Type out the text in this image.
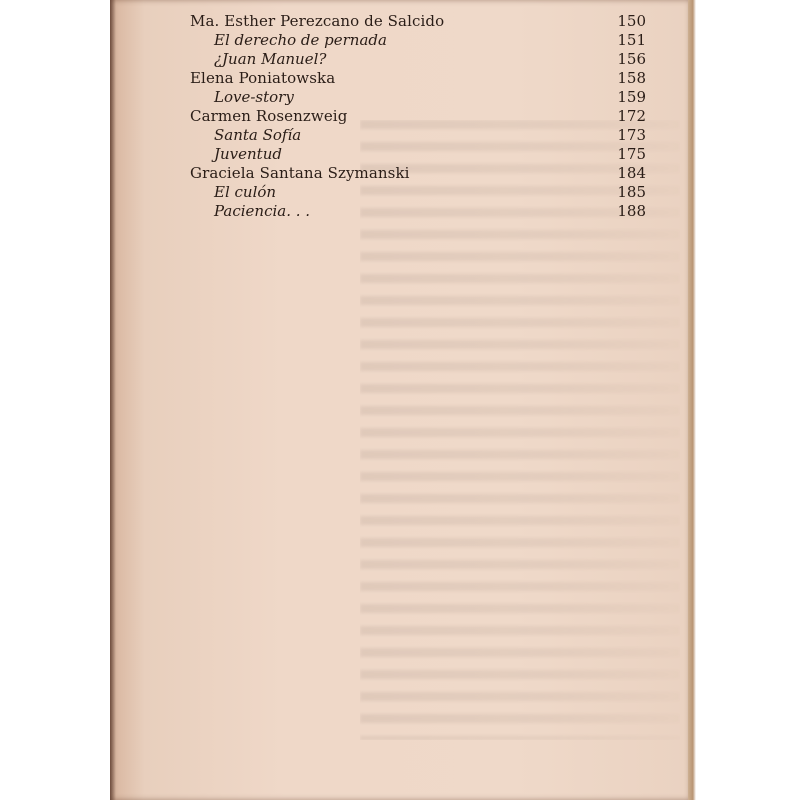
Ma. Esther Perezcano de Salcido	150
El derecho de pernada	151
¿Juan Manuel?	156
Elena Poniatowska	158
Love-story	159
Carmen Rosenzweig	172
Santa Sofía	173
Juventud	175
Graciela Santana Szymanski	184
El culón	185
Paciencia. . .	188
